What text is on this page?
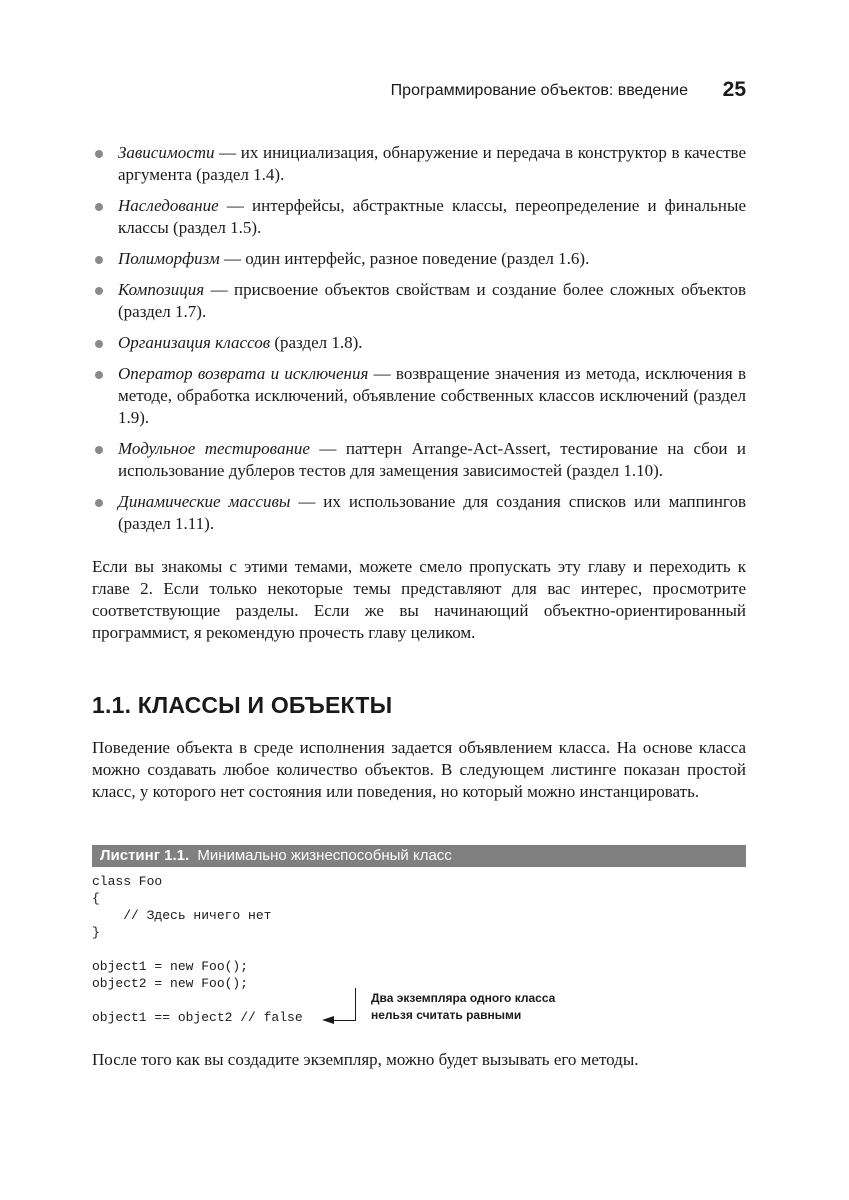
Программирование объектов: введение 25
Зависимости — их инициализация, обнаружение и передача в конструктор в качестве аргумента (раздел 1.4).
Наследование — интерфейсы, абстрактные классы, переопределение и финальные классы (раздел 1.5).
Полиморфизм — один интерфейс, разное поведение (раздел 1.6).
Композиция — присвоение объектов свойствам и создание более сложных объектов (раздел 1.7).
Организация классов (раздел 1.8).
Оператор возврата и исключения — возвращение значения из метода, исключения в методе, обработка исключений, объявление собственных классов исключений (раздел 1.9).
Модульное тестирование — паттерн Arrange-Act-Assert, тестирование на сбои и использование дублеров тестов для замещения зависимостей (раздел 1.10).
Динамические массивы — их использование для создания списков или маппингов (раздел 1.11).

Если вы знакомы с этими темами, можете смело пропускать эту главу и переходить к главе 2. Если только некоторые темы представляют для вас интерес, просмотрите соответствующие разделы. Если же вы начинающий объектно-ориентированный программист, я рекомендую прочесть главу целиком.

1.1. КЛАССЫ И ОБЪЕКТЫ

Поведение объекта в среде исполнения задается объявлением класса. На основе класса можно создавать любое количество объектов. В следующем листинге показан простой класс, у которого нет состояния или поведения, но который можно инстанцировать.

Листинг 1.1. Минимально жизнеспособный класс
class Foo
{
// Здесь ничего нет
}

object1 = new Foo();
object2 = new Foo();

object1 == object2 // false
Два экземпляра одного класса
нельзя считать равными

После того как вы создадите экземпляр, можно будет вызывать его методы.
